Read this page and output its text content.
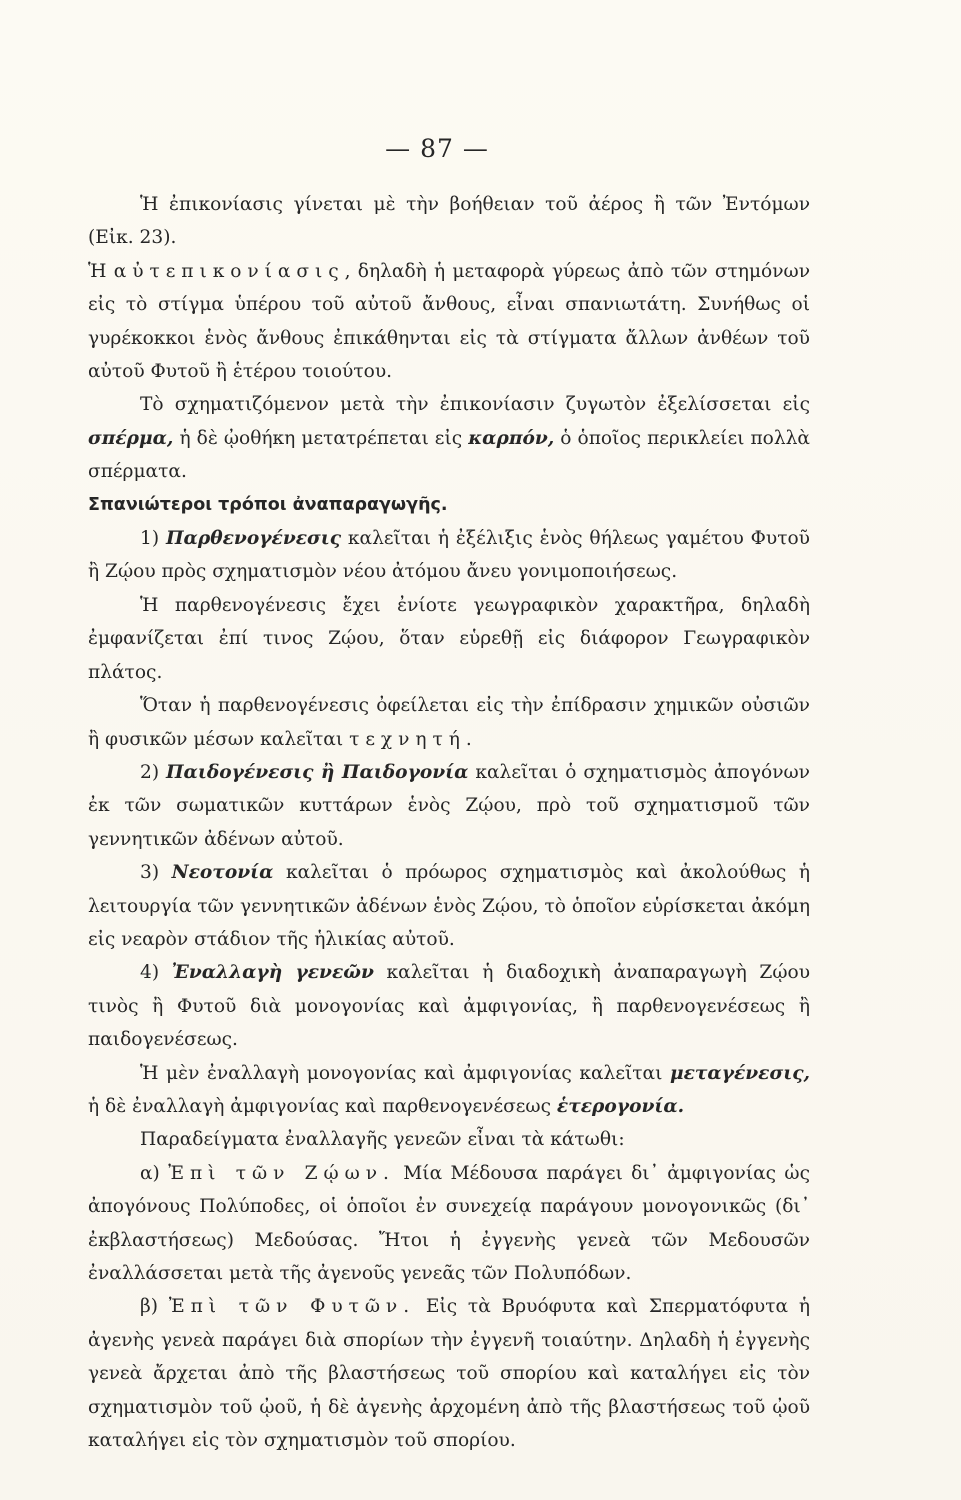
— 87 —

Ἡ ἐπικονίασις γίνεται μὲ τὴν βοήθειαν τοῦ ἀέρος ἢ τῶν Ἐντόμων (Εἰκ. 23).

Ἡ αὐτεπικονίασις, δηλαδὴ ἡ μεταφορὰ γύρεως ἀπὸ τῶν στημόνων εἰς τὸ στίγμα ὑπέρου τοῦ αὐτοῦ ἄνθους, εἶναι σπανιωτάτη. Συνήθως οἱ γυρέκοκκοι ἑνὸς ἄνθους ἐπικάθηνται εἰς τὰ στίγματα ἄλλων ἀνθέων τοῦ αὐτοῦ Φυτοῦ ἢ ἑτέρου τοιούτου.

Τὸ σχηματιζόμενον μετὰ τὴν ἐπικονίασιν ζυγωτὸν ἐξελίσσεται εἰς σπέρμα, ἡ δὲ ᾠοθήκη μετατρέπεται εἰς καρπόν, ὁ ὁποῖος περικλείει πολλὰ σπέρματα.

Σπανιώτεροι τρόποι ἀναπαραγωγῆς.

1) Παρθενογένεσις καλεῖται ἡ ἐξέλιξις ἑνὸς θήλεως γαμέτου Φυτοῦ ἢ Ζῴου πρὸς σχηματισμὸν νέου ἀτόμου ἄνευ γονιμοποιήσεως.

Ἡ παρθενογένεσις ἔχει ἐνίοτε γεωγραφικὸν χαρακτῆρα, δηλαδὴ ἐμφανίζεται ἐπί τινος Ζῴου, ὅταν εὑρεθῇ εἰς διάφορον Γεωγραφικὸν πλάτος.

Ὅταν ἡ παρθενογένεσις ὀφείλεται εἰς τὴν ἐπίδρασιν χημικῶν οὐσιῶν ἢ φυσικῶν μέσων καλεῖται τεχνητή.

2) Παιδογένεσις ἢ Παιδογονία καλεῖται ὁ σχηματισμὸς ἀπογόνων ἐκ τῶν σωματικῶν κυττάρων ἑνὸς Ζῴου, πρὸ τοῦ σχηματισμοῦ τῶν γεννητικῶν ἀδένων αὐτοῦ.

3) Νεοτονία καλεῖται ὁ πρόωρος σχηματισμὸς καὶ ἀκολούθως ἡ λειτουργία τῶν γεννητικῶν ἀδένων ἑνὸς Ζῴου, τὸ ὁποῖον εὑρίσκεται ἀκόμη εἰς νεαρὸν στάδιον τῆς ἡλικίας αὐτοῦ.

4) Ἐναλλαγὴ γενεῶν καλεῖται ἡ διαδοχικὴ ἀναπαραγωγὴ Ζῴου τινὸς ἢ Φυτοῦ διὰ μονογονίας καὶ ἀμφιγονίας, ἢ παρθενογενέσεως ἢ παιδογενέσεως.

Ἡ μὲν ἐναλλαγὴ μονογονίας καὶ ἀμφιγονίας καλεῖται μεταγένεσις, ἡ δὲ ἐναλλαγὴ ἀμφιγονίας καὶ παρθενογενέσεως ἑτερογονία.

Παραδείγματα ἐναλλαγῆς γενεῶν εἶναι τὰ κάτωθι:

α) Ἐπὶ τῶν Ζῴων. Μία Μέδουσα παράγει δι᾽ ἀμφιγονίας ὡς ἀπογόνους Πολύποδες, οἱ ὁποῖοι ἐν συνεχείᾳ παράγουν μονογονικῶς (δι᾽ ἐκβλαστήσεως) Μεδούσας. Ἤτοι ἡ ἐγγενὴς γενεὰ τῶν Μεδουσῶν ἐναλλάσσεται μετὰ τῆς ἀγενοῦς γενεᾶς τῶν Πολυπόδων.

β) Ἐπὶ τῶν Φυτῶν. Εἰς τὰ Βρυόφυτα καὶ Σπερματόφυτα ἡ ἀγενὴς γενεὰ παράγει διὰ σπορίων τὴν ἐγγενῆ τοιαύτην. Δηλαδὴ ἡ ἐγγενὴς γενεὰ ἄρχεται ἀπὸ τῆς βλαστήσεως τοῦ σπορίου καὶ καταλήγει εἰς τὸν σχηματισμὸν τοῦ ᾠοῦ, ἡ δὲ ἀγενὴς ἀρχομένη ἀπὸ τῆς βλαστήσεως τοῦ ᾠοῦ καταλήγει εἰς τὸν σχηματισμὸν τοῦ σπορίου.
